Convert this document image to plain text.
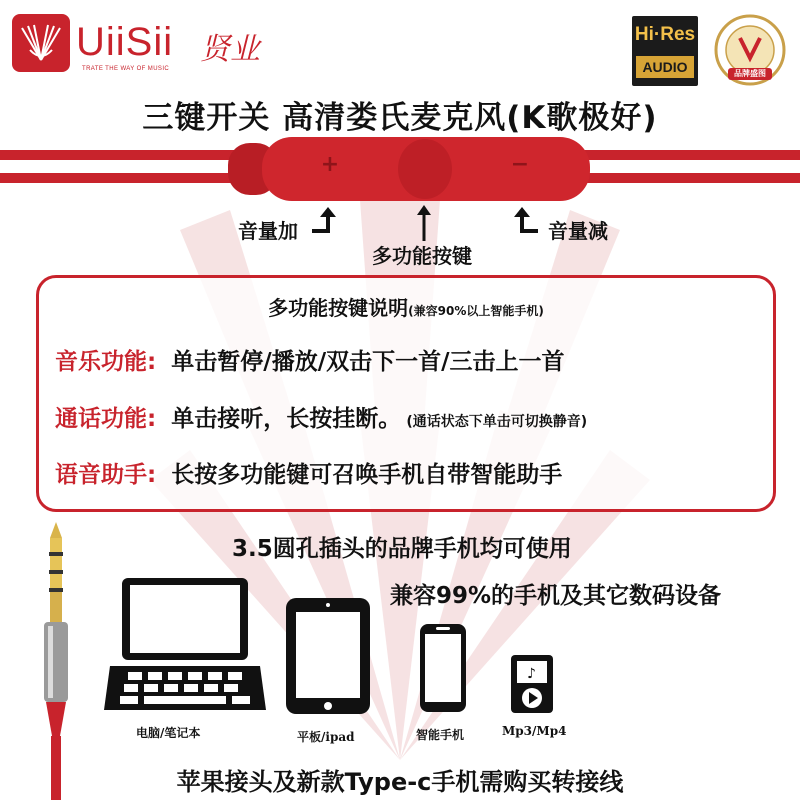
UiiSii
TRATE THE WAY OF MUSIC
贤业	Hi·Res
AUDIO	品牌盛图
三键开关 高清娄氏麦克风(K歌极好)
+	−
音量加
多功能按键
音量减
多功能按键说明(兼容90%以上智能手机)
音乐功能: 单击暂停/播放/双击下一首/三击上一首
通话功能: 单击接听，长按挂断。 (通话状态下单击可切换静音)
语音助手: 长按多功能键可召唤手机自带智能助手
3.5圆孔插头的品牌手机均可使用
兼容99%的手机及其它数码设备
电脑/笔记本	平板/ipad	智能手机
♪
Mp3/Mp4
苹果接头及新款Type-c手机需购买转接线
